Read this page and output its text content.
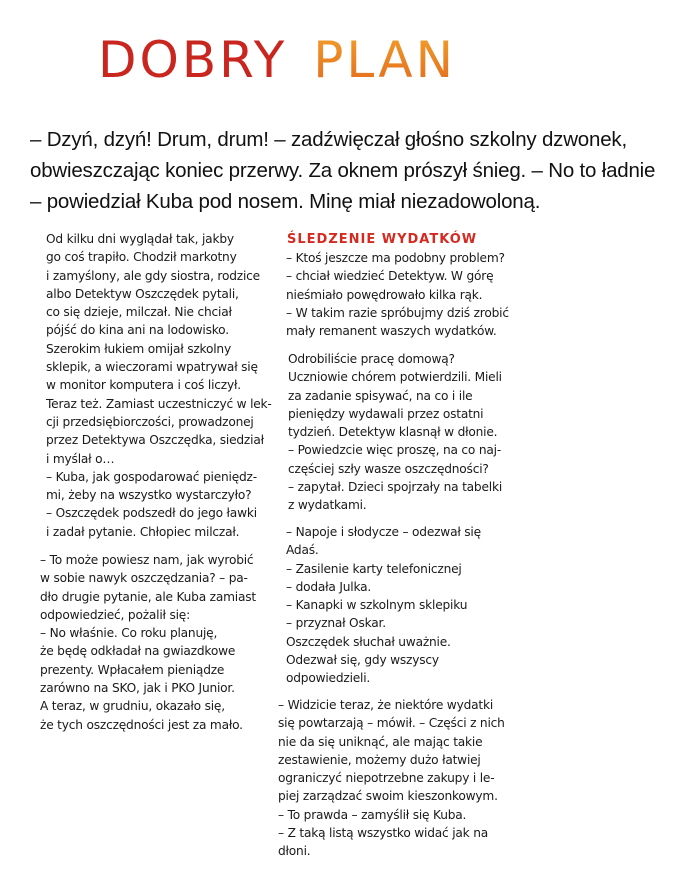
DOBRY PLAN

– Dzyń, dzyń! Drum, drum! – zadźwięczał głośno szkolny dzwonek,
obwieszczając koniec przerwy. Za oknem prószył śnieg. – No to ładnie
– powiedział Kuba pod nosem. Minę miał niezadowoloną.

Od kilku dni wyglądał tak, jakby
go coś trapiło. Chodził markotny
i zamyślony, ale gdy siostra, rodzice
albo Detektyw Oszczędek pytali,
co się dzieje, milczał. Nie chciał
pójść do kina ani na lodowisko.
Szerokim łukiem omijał szkolny
sklepik, a wieczorami wpatrywał się
w monitor komputera i coś liczył.
Teraz też. Zamiast uczestniczyć w lek-
cji przedsiębiorczości, prowadzonej
przez Detektywa Oszczędka, siedział
i myślał o…
– Kuba, jak gospodarować pieniędz-
mi, żeby na wszystko wystarczyło?
– Oszczędek podszedł do jego ławki
i zadał pytanie. Chłopiec milczał.

– To może powiesz nam, jak wyrobić
w sobie nawyk oszczędzania? – pa-
dło drugie pytanie, ale Kuba zamiast
odpowiedzieć, pożalił się:
– No właśnie. Co roku planuję,
że będę odkładał na gwiazdkowe
prezenty. Wpłacałem pieniądze
zarówno na SKO, jak i PKO Junior.
A teraz, w grudniu, okazało się,
że tych oszczędności jest za mało.

ŚLEDZENIE WYDATKÓW

– Ktoś jeszcze ma podobny problem?
– chciał wiedzieć Detektyw. W górę
nieśmiało powędrowało kilka rąk.
– W takim razie spróbujmy dziś zrobić
mały remanent waszych wydatków.

Odrobiliście pracę domową?
Uczniowie chórem potwierdzili. Mieli
za zadanie spisywać, na co i ile
pieniędzy wydawali przez ostatni
tydzień. Detektyw klasnął w dłonie.
– Powiedzcie więc proszę, na co naj-
częściej szły wasze oszczędności?
– zapytał. Dzieci spojrzały na tabelki
z wydatkami.

– Napoje i słodycze – odezwał się
Adaś.
– Zasilenie karty telefonicznej
– dodała Julka.
– Kanapki w szkolnym sklepiku
– przyznał Oskar.
Oszczędek słuchał uważnie.
Odezwał się, gdy wszyscy
odpowiedzieli.

– Widzicie teraz, że niektóre wydatki
się powtarzają – mówił. – Części z nich
nie da się uniknąć, ale mając takie
zestawienie, możemy dużo łatwiej
ograniczyć niepotrzebne zakupy i le-
piej zarządzać swoim kieszonkowym.
– To prawda – zamyślił się Kuba.
– Z taką listą wszystko widać jak na
dłoni.
